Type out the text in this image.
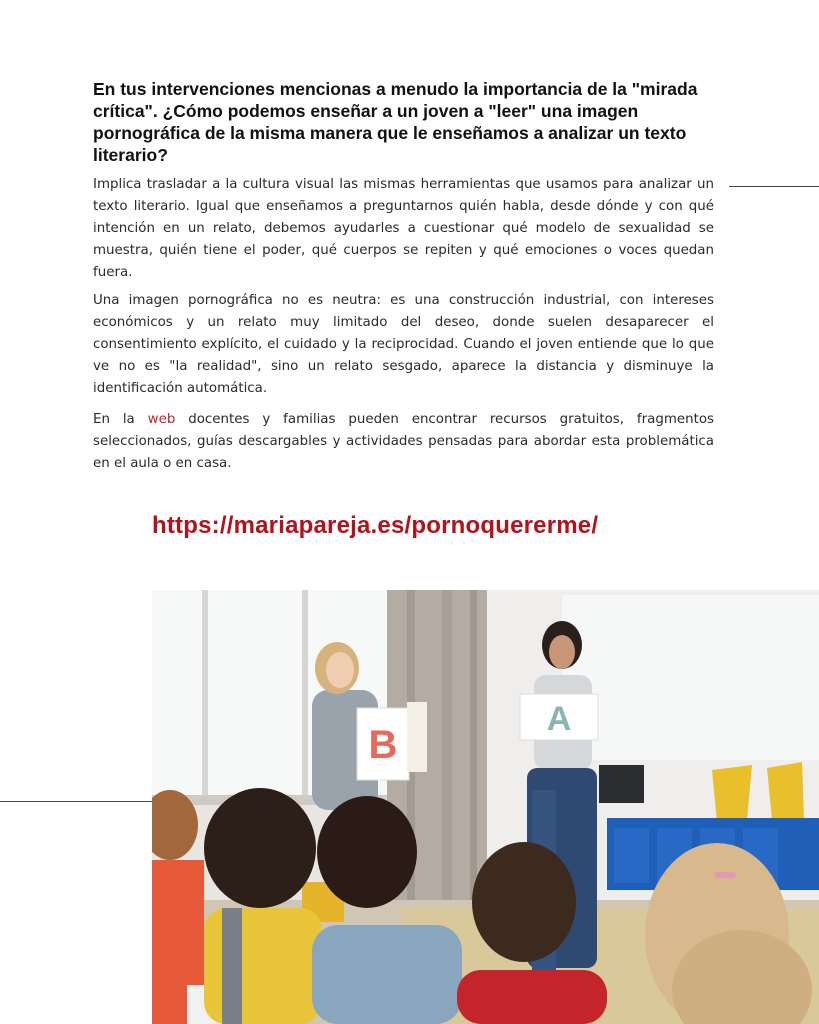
En tus intervenciones mencionas a menudo la importancia de la "mirada crítica". ¿Cómo podemos enseñar a un joven a "leer" una imagen pornográfica de la misma manera que le enseñamos a analizar un texto literario?

Implica trasladar a la cultura visual las mismas herramientas que usamos para analizar un texto literario. Igual que enseñamos a preguntarnos quién habla, desde dónde y con qué intención en un relato, debemos ayudarles a cuestionar qué modelo de sexualidad se muestra, quién tiene el poder, qué cuerpos se repiten y qué emociones o voces quedan fuera.

Una imagen pornográfica no es neutra: es una construcción industrial, con intereses económicos y un relato muy limitado del deseo, donde suelen desaparecer el consentimiento explícito, el cuidado y la reciprocidad. Cuando el joven entiende que lo que ve no es "la realidad", sino un relato sesgado, aparece la distancia y disminuye la identificación automática.

En la web docentes y familias pueden encontrar recursos gratuitos, fragmentos seleccionados, guías descargables y actividades pensadas para abordar esta problemática en el aula o en casa.

https://mariapareja.es/pornoquererme/

B
A
